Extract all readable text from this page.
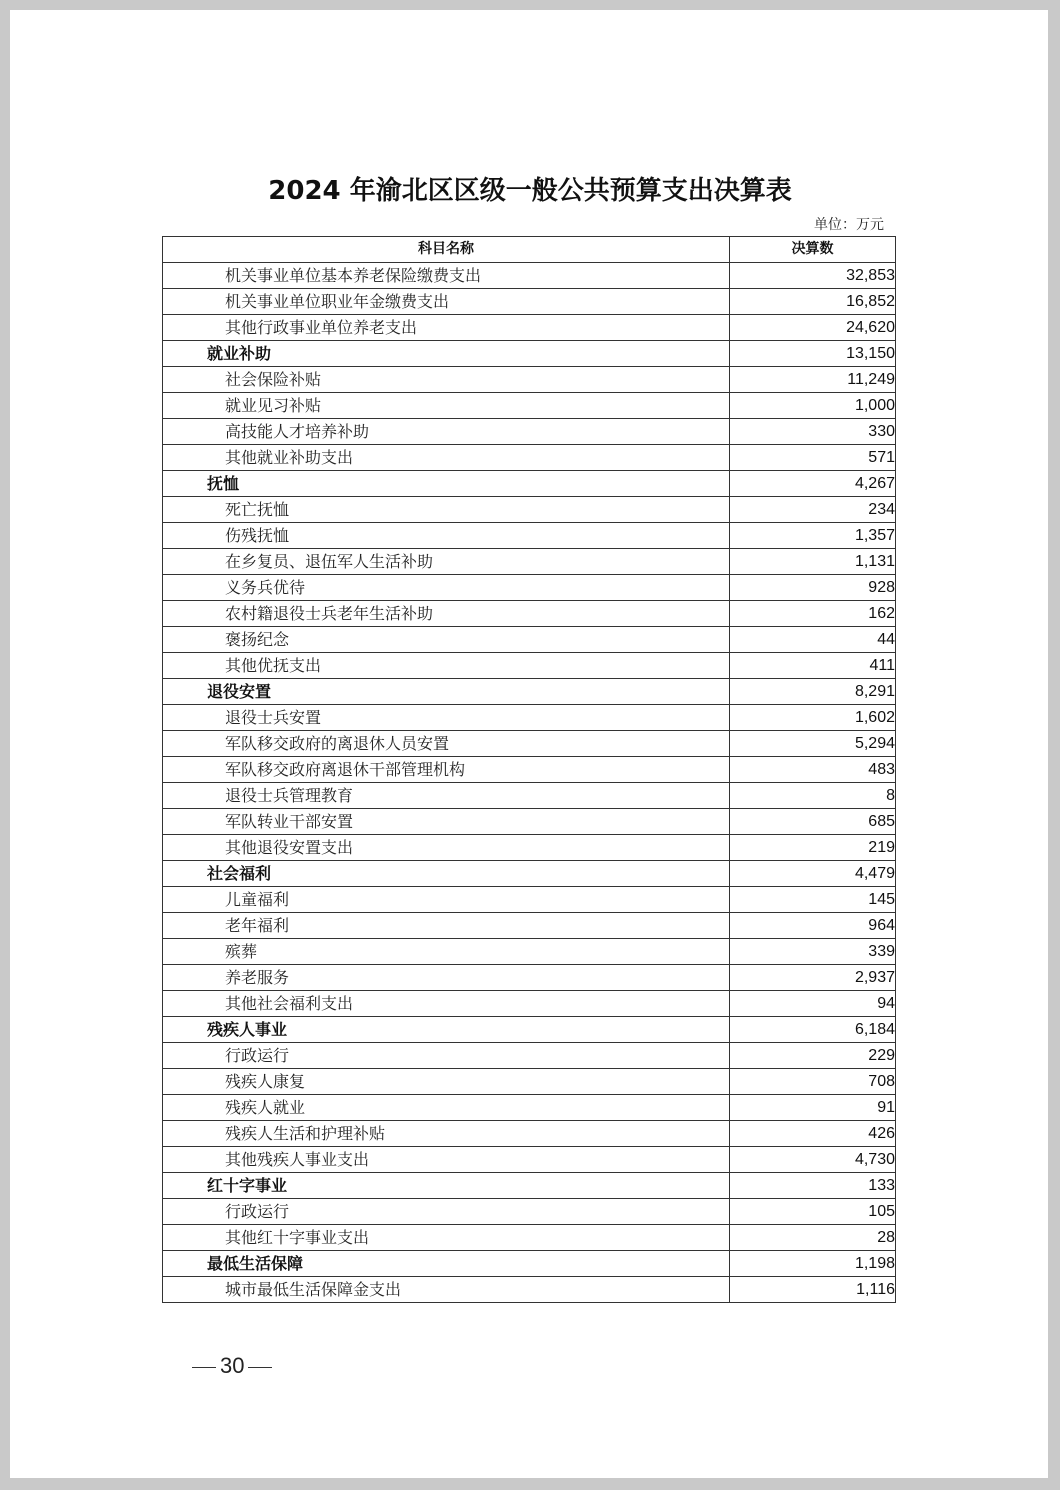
2024 年渝北区区级一般公共预算支出决算表
单位：万元
科目名称	决算数
机关事业单位基本养老保险缴费支出	32,853
机关事业单位职业年金缴费支出	16,852
其他行政事业单位养老支出	24,620
就业补助	13,150
社会保险补贴	11,249
就业见习补贴	1,000
高技能人才培养补助	330
其他就业补助支出	571
抚恤	4,267
死亡抚恤	234
伤残抚恤	1,357
在乡复员、退伍军人生活补助	1,131
义务兵优待	928
农村籍退役士兵老年生活补助	162
褒扬纪念	44
其他优抚支出	411
退役安置	8,291
退役士兵安置	1,602
军队移交政府的离退休人员安置	5,294
军队移交政府离退休干部管理机构	483
退役士兵管理教育	8
军队转业干部安置	685
其他退役安置支出	219
社会福利	4,479
儿童福利	145
老年福利	964
殡葬	339
养老服务	2,937
其他社会福利支出	94
残疾人事业	6,184
行政运行	229
残疾人康复	708
残疾人就业	91
残疾人生活和护理补贴	426
其他残疾人事业支出	4,730
红十字事业	133
行政运行	105
其他红十字事业支出	28
最低生活保障	1,198
城市最低生活保障金支出	1,116
30
